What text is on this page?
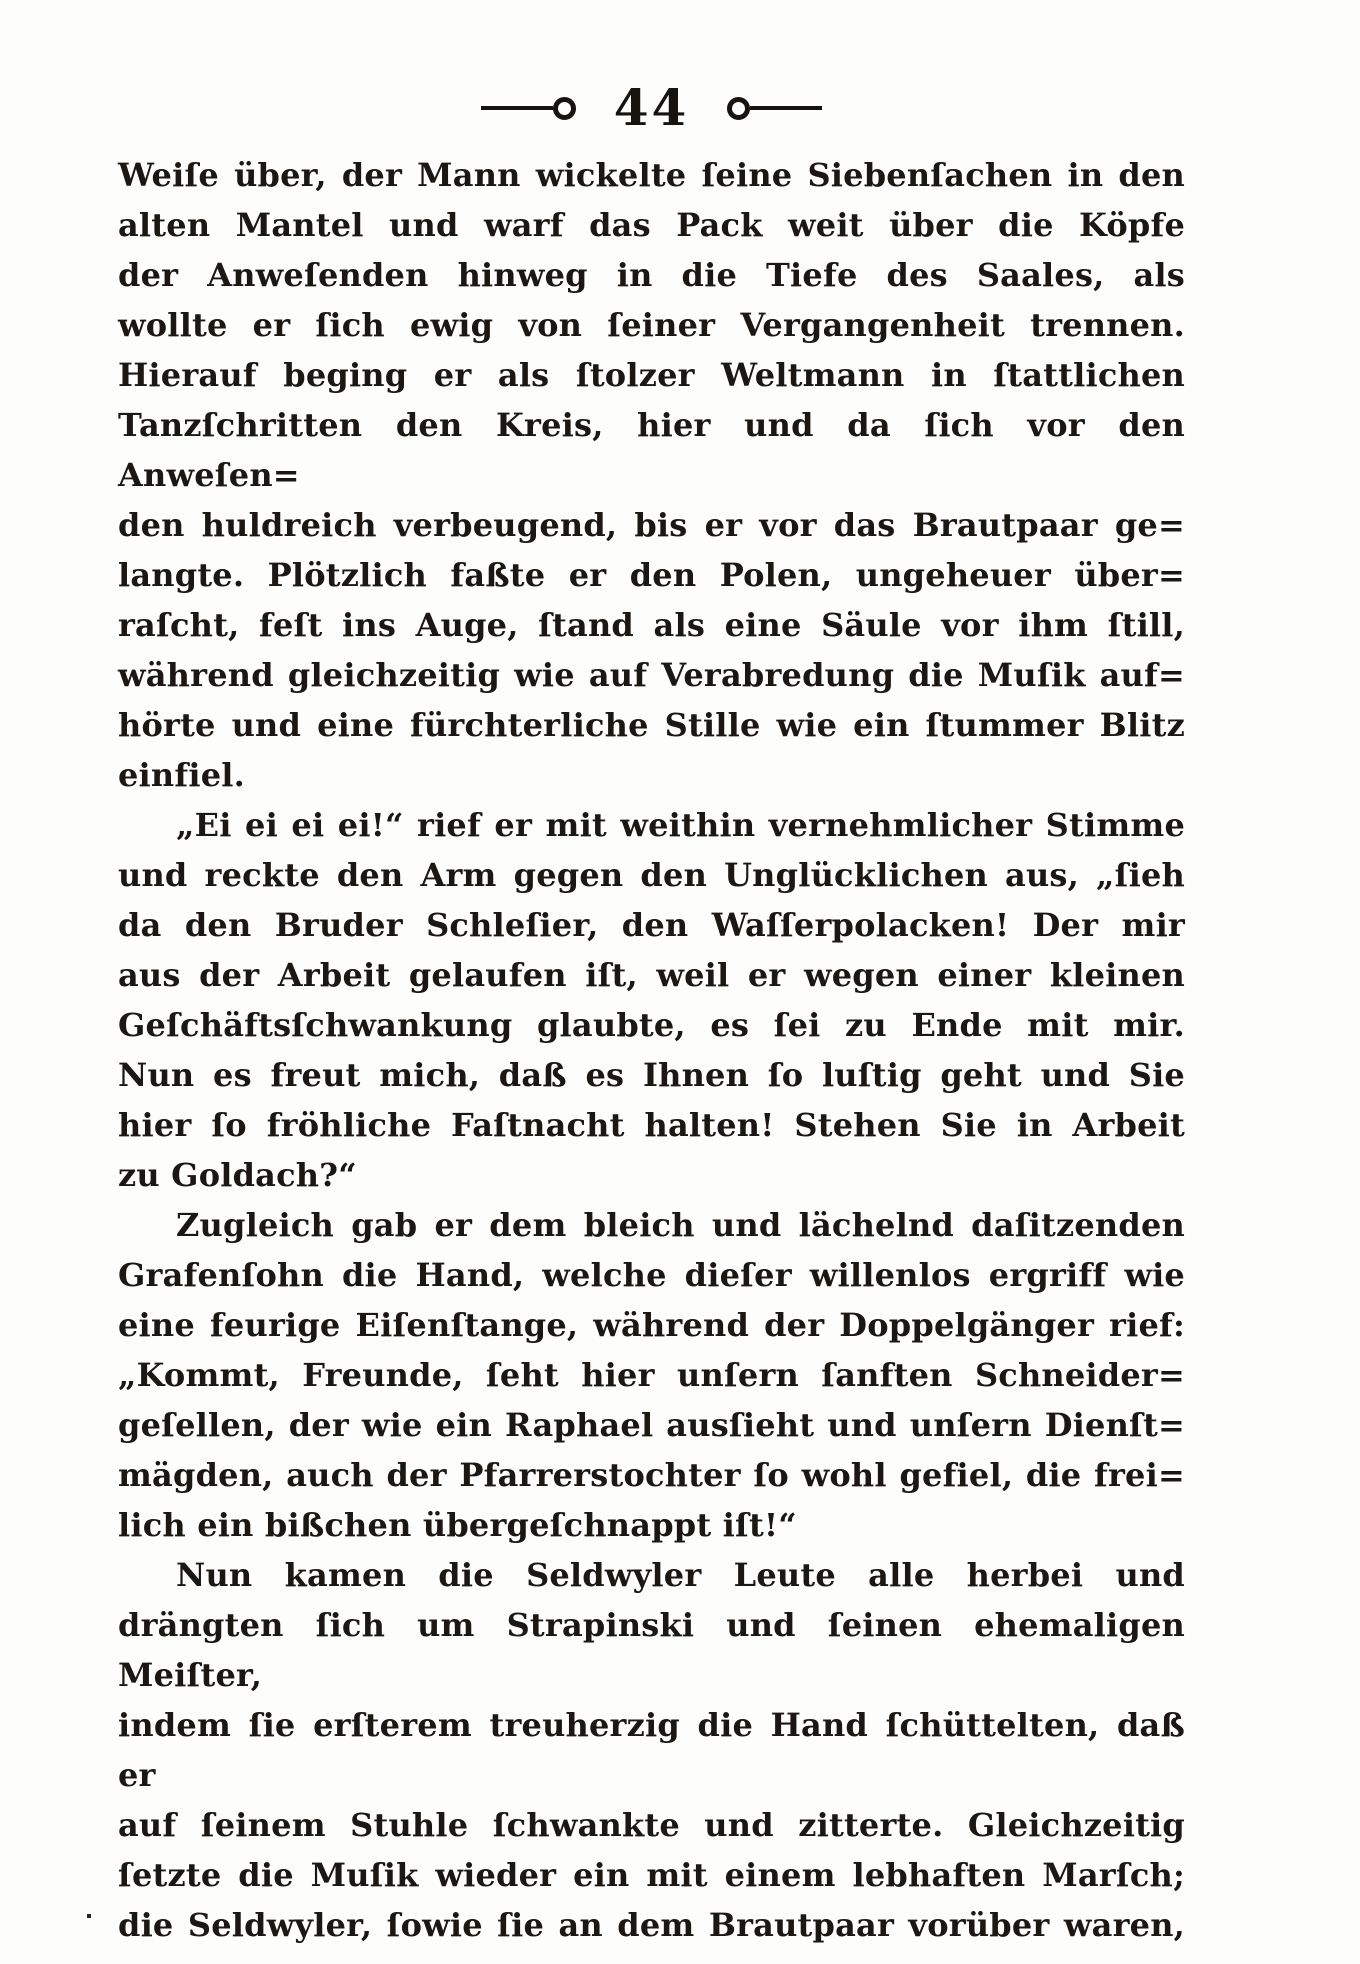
44
Weiſe über, der Mann wickelte ſeine Siebenſachen in den
alten Mantel und warf das Pack weit über die Köpfe
der Anweſenden hinweg in die Tiefe des Saales, als
wollte er ſich ewig von ſeiner Vergangenheit trennen.
Hierauf beging er als ſtolzer Weltmann in ſtattlichen
Tanzſchritten den Kreis, hier und da ſich vor den Anweſen=
den huldreich verbeugend, bis er vor das Brautpaar ge=
langte. Plötzlich faßte er den Polen, ungeheuer über=
raſcht, feſt ins Auge, ſtand als eine Säule vor ihm ſtill,
während gleichzeitig wie auf Verabredung die Muſik auf=
hörte und eine fürchterliche Stille wie ein ſtummer Blitz
einfiel.
„Ei ei ei ei!“ rief er mit weithin vernehmlicher Stimme
und reckte den Arm gegen den Unglücklichen aus, „ſieh
da den Bruder Schleſier, den Waſſerpolacken! Der mir
aus der Arbeit gelaufen iſt, weil er wegen einer kleinen
Geſchäftsſchwankung glaubte, es ſei zu Ende mit mir.
Nun es freut mich, daß es Ihnen ſo luſtig geht und Sie
hier ſo fröhliche Faſtnacht halten! Stehen Sie in Arbeit
zu Goldach?“
Zugleich gab er dem bleich und lächelnd daſitzenden
Grafenſohn die Hand, welche dieſer willenlos ergriff wie
eine feurige Eiſenſtange, während der Doppelgänger rief:
„Kommt, Freunde, ſeht hier unſern ſanften Schneider=
geſellen, der wie ein Raphael ausſieht und unſern Dienſt=
mägden, auch der Pfarrerstochter ſo wohl gefiel, die frei=
lich ein bißchen übergeſchnappt iſt!“
Nun kamen die Seldwyler Leute alle herbei und
drängten ſich um Strapinski und ſeinen ehemaligen Meiſter,
indem ſie erſterem treuherzig die Hand ſchüttelten, daß er
auf ſeinem Stuhle ſchwankte und zitterte. Gleichzeitig
ſetzte die Muſik wieder ein mit einem lebhaften Marſch;
die Seldwyler, ſowie ſie an dem Brautpaar vorüber waren,
